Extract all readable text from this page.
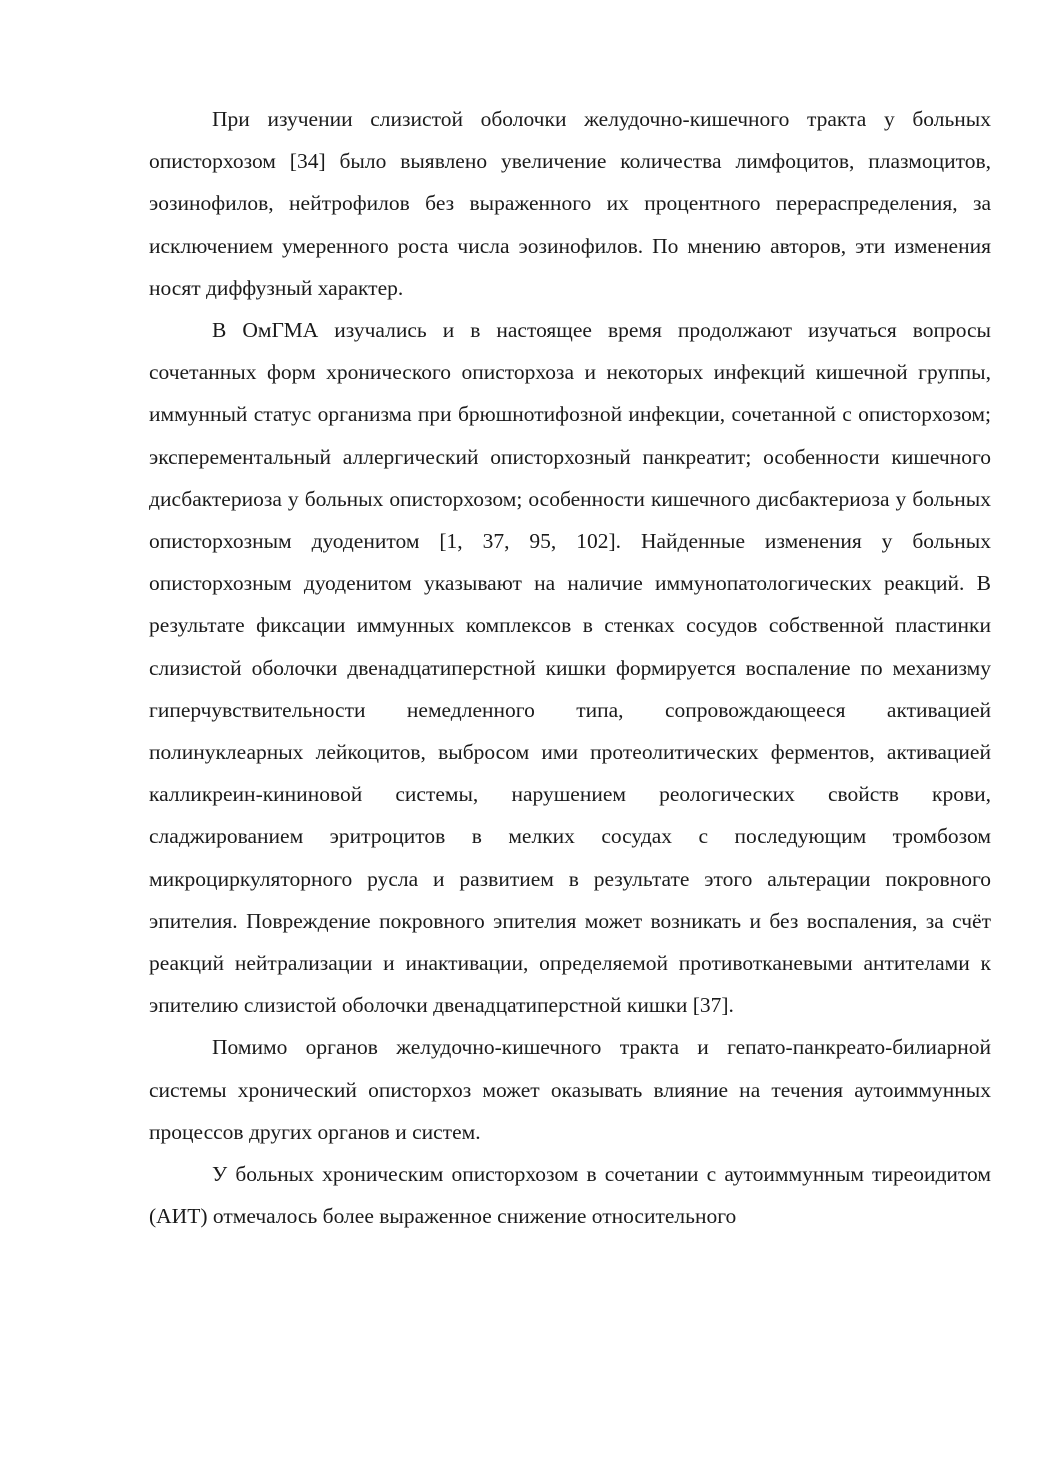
При изучении слизистой оболочки желудочно-кишечного тракта у больных описторхозом [34] было выявлено увеличение количества лимфоцитов, плазмоцитов, эозинофилов, нейтрофилов без выраженного их процентного перераспределения, за исключением умеренного роста числа эозинофилов. По мнению авторов, эти изменения носят диффузный характер.

В ОмГМА изучались и в настоящее время продолжают изучаться вопросы сочетанных форм хронического описторхоза и некоторых инфекций кишечной группы, иммунный статус организма при брюшнотифозной инфекции, сочетанной с описторхозом; эксперементальный аллергический описторхозный панкреатит; особенности кишечного дисбактериоза у больных описторхозом; особенности кишечного дисбактериоза у больных описторхозным дуоденитом [1, 37, 95, 102]. Найденные изменения у больных описторхозным дуоденитом указывают на наличие иммунопатологических реакций. В результате фиксации иммунных комплексов в стенках сосудов собственной пластинки слизистой оболочки двенадцатиперстной кишки формируется воспаление по механизму гиперчувствительности немедленного типа, сопровождающееся активацией полинуклеарных лейкоцитов, выбросом ими протеолитических ферментов, активацией калликреин-кининовой системы, нарушением реологических свойств крови, сладжированием эритроцитов в мелких сосудах с последующим тромбозом микроциркуляторного русла и развитием в результате этого альтерации покровного эпителия. Повреждение покровного эпителия может возникать и без воспаления, за счёт реакций нейтрализации и инактивации, определяемой противотканевыми антителами к эпителию слизистой оболочки двенадцатиперстной кишки [37].

Помимо органов желудочно-кишечного тракта и гепато-панкреато-билиарной системы хронический описторхоз может оказывать влияние на течения аутоиммунных процессов других органов и систем.

У больных хроническим описторхозом в сочетании с аутоиммунным тиреоидитом (АИТ) отмечалось более выраженное снижение относительного
